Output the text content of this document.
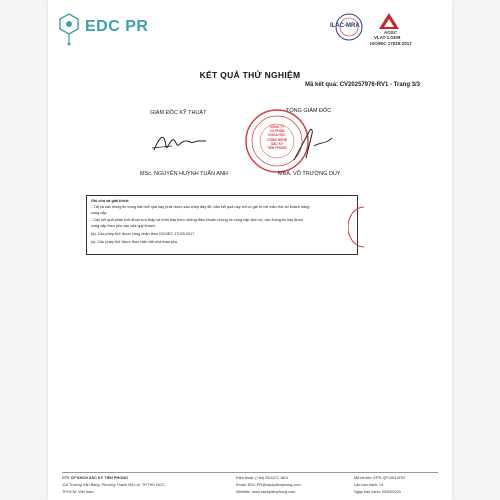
EDC PR	ILAC-MRA
AOSC
VLAT-1.0309
ISO/IEC 17025:2017
KẾT QUẢ THỬ NGHIỆM
Mã kết quả: CV20257976-RV1 - Trang 3/3
GIÁM ĐỐC KỸ THUẬT	TỔNG GIÁM ĐỐC
CÔNG TY
CỔ PHẦN
KHOA HỌC
CÔNG NGHỆ
SẮC KÝ
TIỀN PHONG
MSc. NGUYỄN HUỲNH TUẤN ANH	MBA. VÕ TRƯỜNG DUY
Ghi chú và giải thích:
- Tất cả các thông tin trong bản kết quả này phải được sao chép đầy đủ; bản kết quả này chỉ có giá trị với mẫu thử do khách hàng
cung cấp.
- Các kết quả phân tích được lưu thập và trình bày theo những điều khoản chung về cung cấp dịch vụ; các thông tin này được
cung cấp theo yêu cầu của quý khách.
(a): Các phép thử được công nhận theo ISO/IEC 17025:2017
(s): Các phép thử được thực hiện bởi nhà thầu phụ
CTY CP KHCN SẮC KÝ TIỀN PHONG
114 Trương Văn Bang, Phường Thạnh Mỹ Lợi, TP.THỦ ĐỨC,
TP.HCM, Việt Nam
Điện thoại: (+84) 28.6271 1801
Email: EDC-PR@sackytienphong.com
Website: www.sackytienphong.com
Mã tài liệu: EPR-QP-08/14F02
Lần ban hành: 01
Ngày ban hành: 03/09/2020
